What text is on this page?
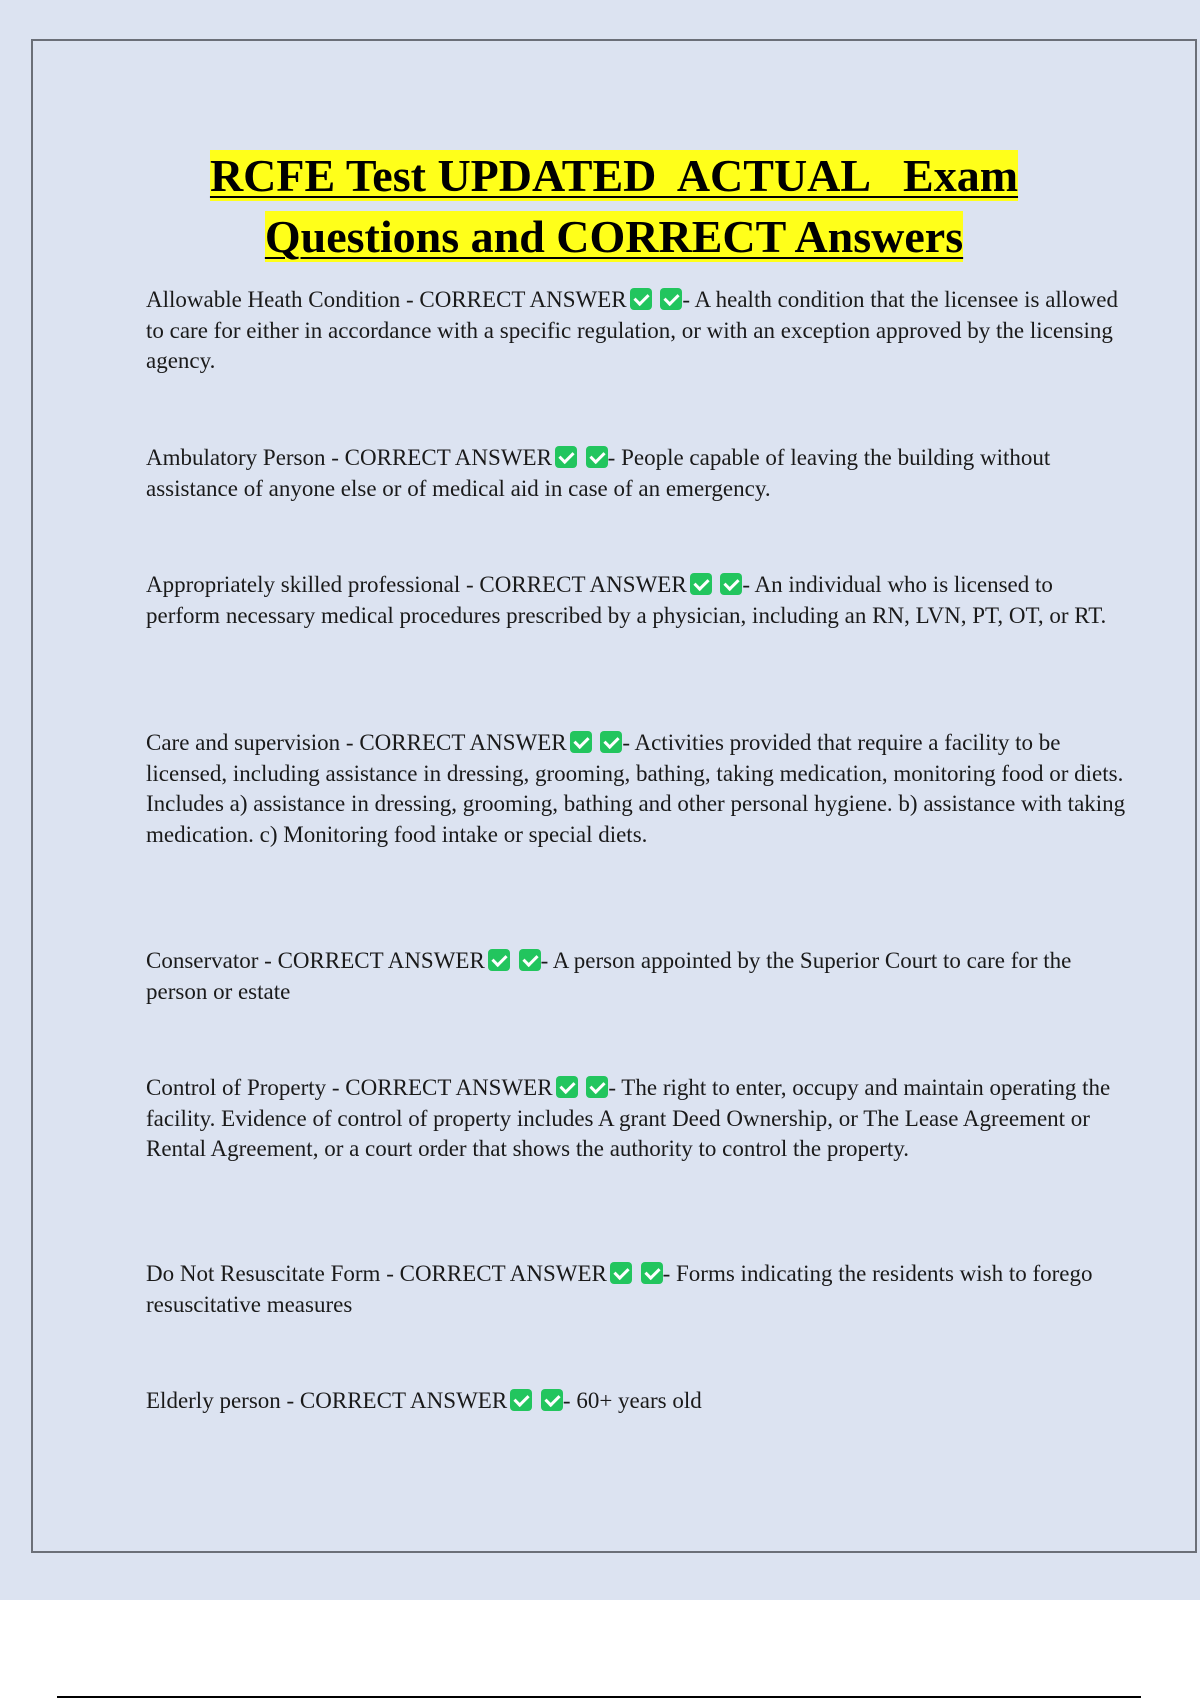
RCFE Test UPDATED  ACTUAL   Exam
Questions and CORRECT Answers

Allowable Heath Condition - CORRECT ANSWER - A health condition that the licensee is allowed to care for either in accordance with a specific regulation, or with an exception approved by the licensing agency.

Ambulatory Person - CORRECT ANSWER - People capable of leaving the building without assistance of anyone else or of medical aid in case of an emergency.

Appropriately skilled professional - CORRECT ANSWER - An individual who is licensed to perform necessary medical procedures prescribed by a physician, including an RN, LVN, PT, OT, or RT.

Care and supervision - CORRECT ANSWER - Activities provided that require a facility to be licensed, including assistance in dressing, grooming, bathing, taking medication, monitoring food or diets. Includes a) assistance in dressing, grooming, bathing and other personal hygiene. b) assistance with taking medication. c) Monitoring food intake or special diets.

Conservator - CORRECT ANSWER - A person appointed by the Superior Court to care for the person or estate

Control of Property - CORRECT ANSWER - The right to enter, occupy and maintain operating the facility. Evidence of control of property includes A grant Deed Ownership, or The Lease Agreement or Rental Agreement, or a court order that shows the authority to control the property.

Do Not Resuscitate Form - CORRECT ANSWER - Forms indicating the residents wish to forego resuscitative measures

Elderly person - CORRECT ANSWER - 60+ years old
